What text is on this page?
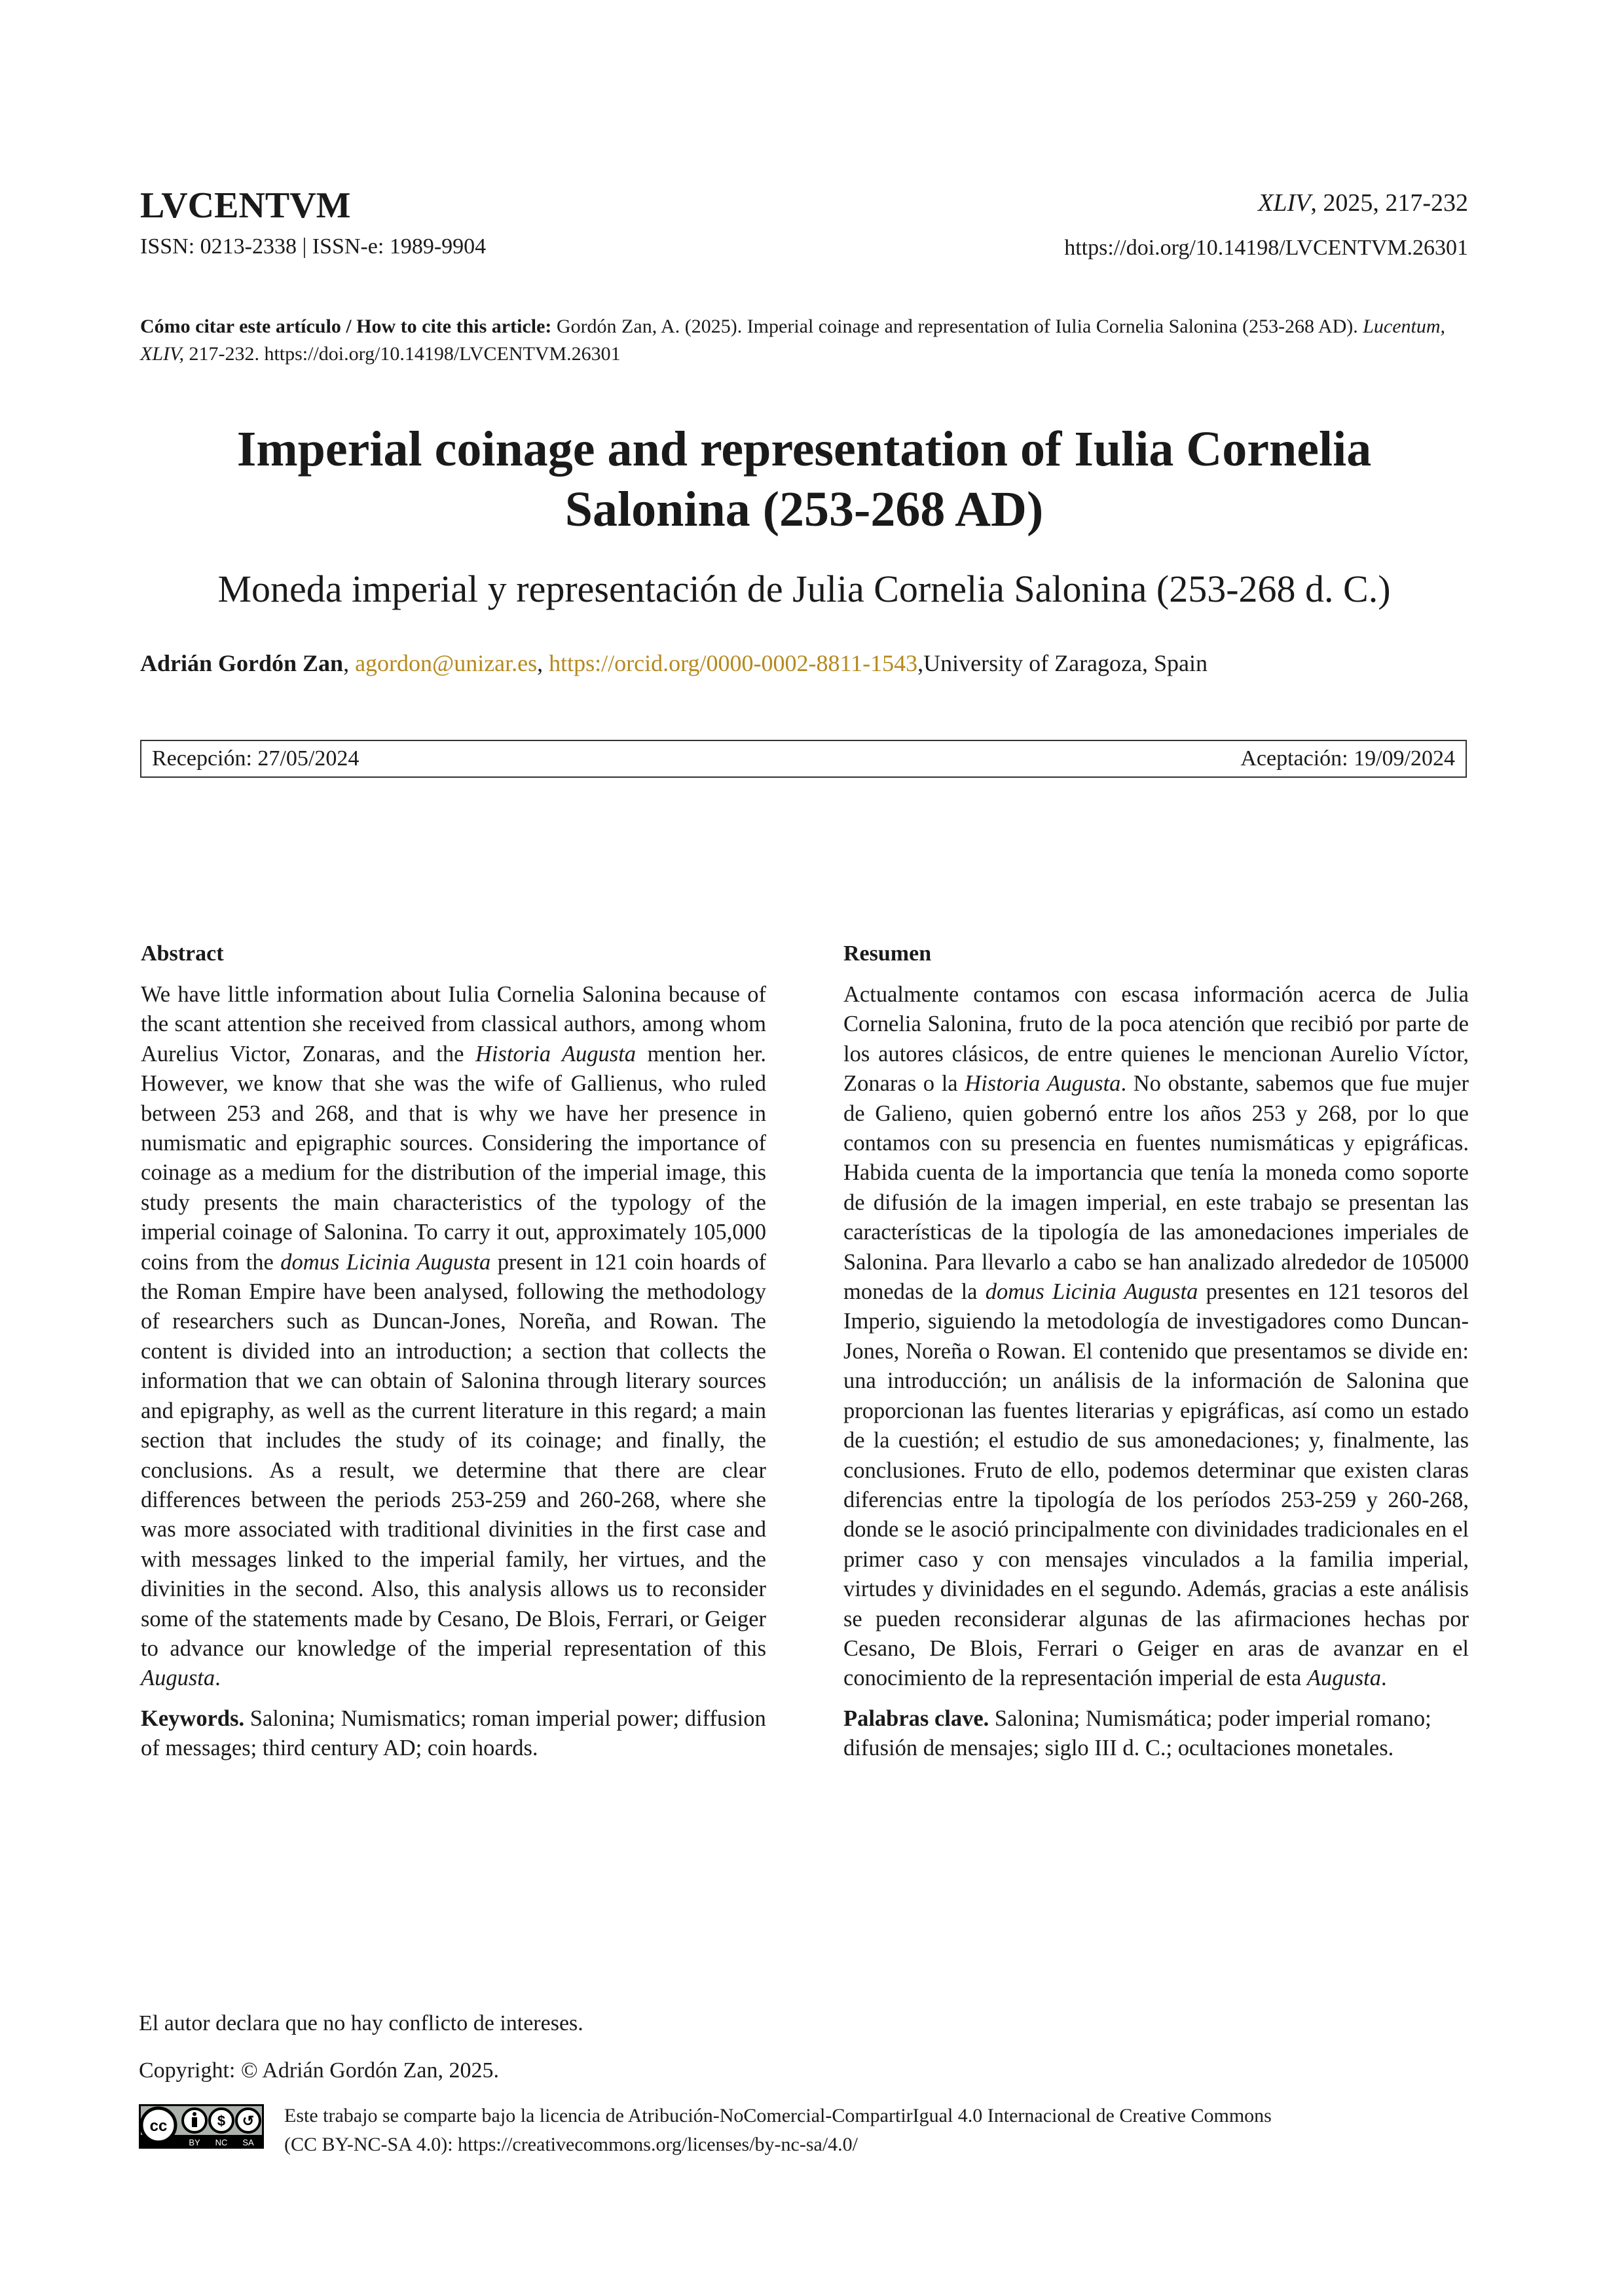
LVCENTVM	XLIV, 2025, 217-232
ISSN: 0213-2338 | ISSN-e: 1989-9904	https://doi.org/10.14198/LVCENTVM.26301
Cómo citar este artículo / How to cite this article: Gordón Zan, A. (2025). Imperial coinage and representation of Iulia Cornelia Salonina (253-268 AD). Lucentum, XLIV, 217-232. https://doi.org/10.14198/LVCENTVM.26301
Imperial coinage and representation of Iulia Cornelia Salonina (253-268 AD)
Moneda imperial y representación de Julia Cornelia Salonina (253-268 d. C.)
Adrián Gordón Zan, agordon@unizar.es, https://orcid.org/0000-0002-8811-1543,University of Zaragoza, Spain
Recepción: 27/05/2024	Aceptación: 19/09/2024
Abstract

We have little information about Iulia Cornelia Salonina because of the scant attention she received from classical authors, among whom Aurelius Victor, Zonaras, and the Historia Augusta mention her. However, we know that she was the wife of Gallienus, who ruled between 253 and 268, and that is why we have her presence in numismatic and epigraphic sources. Considering the importance of coinage as a medium for the distribution of the imperial image, this study presents the main characteristics of the typology of the imperial coinage of Salonina. To carry it out, approximately 105,000 coins from the domus Licinia Augusta present in 121 coin hoards of the Roman Empire have been analysed, following the methodology of researchers such as Duncan-Jones, Noreña, and Rowan. The content is divided into an introduction; a section that collects the information that we can obtain of Salonina through literary sources and epigraphy, as well as the current literature in this regard; a main section that includes the study of its coinage; and finally, the conclusions. As a result, we determine that there are clear differences between the periods 253-259 and 260-268, where she was more associated with traditional divinities in the first case and with messages linked to the imperial family, her virtues, and the divinities in the second. Also, this analysis allows us to reconsider some of the statements made by Cesano, De Blois, Ferrari, or Geiger to advance our knowledge of the imperial representation of this Augusta.

Keywords. Salonina; Numismatics; roman imperial power; diffusion of messages; third century AD; coin hoards.

Resumen

Actualmente contamos con escasa información acerca de Julia Cornelia Salonina, fruto de la poca atención que recibió por parte de los autores clásicos, de entre quienes le mencionan Aurelio Víctor, Zonaras o la Historia Augusta. No obstante, sabemos que fue mujer de Galieno, quien gobernó entre los años 253 y 268, por lo que contamos con su presencia en fuentes numismáticas y epigráficas. Habida cuenta de la importancia que tenía la moneda como soporte de difusión de la imagen imperial, en este trabajo se presentan las características de la tipología de las amonedaciones imperiales de Salonina. Para llevarlo a cabo se han analizado alrededor de 105000 monedas de la domus Licinia Augusta presentes en 121 tesoros del Imperio, siguiendo la metodología de investigadores como Duncan-Jones, Noreña o Rowan. El contenido que presentamos se divide en: una introducción; un análisis de la información de Salonina que proporcionan las fuentes literarias y epigráficas, así como un estado de la cuestión; el estudio de sus amonedaciones; y, finalmente, las conclusiones. Fruto de ello, podemos determinar que existen claras diferencias entre la tipología de los períodos 253-259 y 260-268, donde se le asoció principalmente con divinidades tradicionales en el primer caso y con mensajes vinculados a la familia imperial, virtudes y divinidades en el segundo. Además, gracias a este análisis se pueden reconsiderar algunas de las afirmaciones hechas por Cesano, De Blois, Ferrari o Geiger en aras de avanzar en el conocimiento de la representación imperial de esta Augusta.

Palabras clave. Salonina; Numismática; poder imperial romano; difusión de mensajes; siglo III d. C.; ocultaciones monetales.

El autor declara que no hay conflicto de intereses.
Copyright: © Adrián Gordón Zan, 2025.
cc	$ ↺
BY NC SA
Este trabajo se comparte bajo la licencia de Atribución-NoComercial-CompartirIgual 4.0 Internacional de Creative Commons
(CC BY-NC-SA 4.0): https://creativecommons.org/licenses/by-nc-sa/4.0/
